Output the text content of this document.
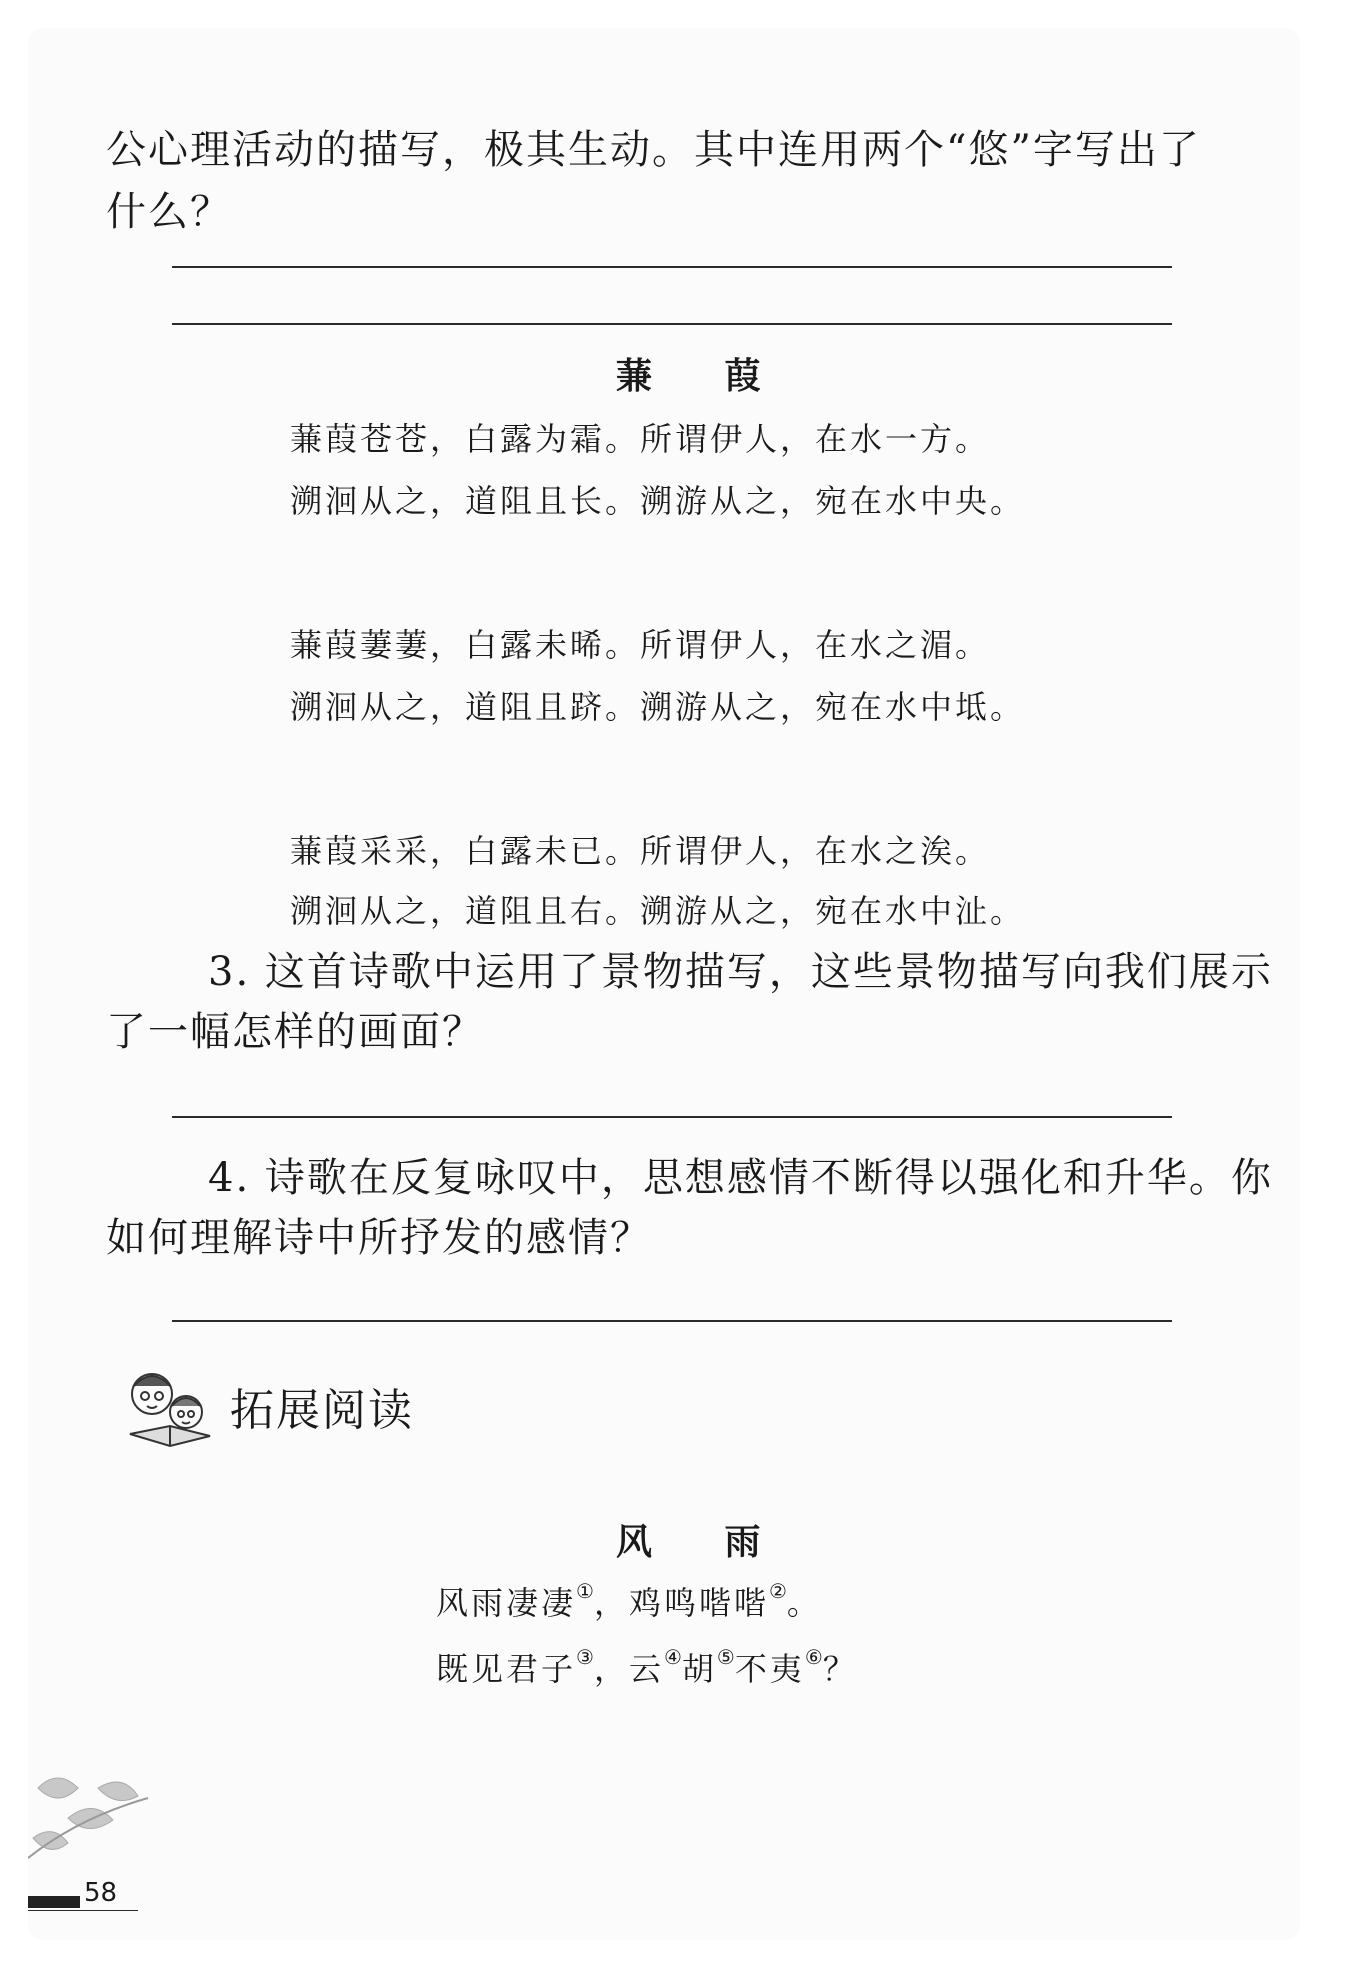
公心理活动的描写，极其生动。其中连用两个“悠”字写出了
什么？
蒹 葭
蒹葭苍苍，白露为霜。所谓伊人，在水一方。
溯洄从之，道阻且长。溯游从之，宛在水中央。
蒹葭萋萋，白露未晞。所谓伊人，在水之湄。
溯洄从之，道阻且跻。溯游从之，宛在水中坻。
蒹葭采采，白露未已。所谓伊人，在水之涘。
溯洄从之，道阻且右。溯游从之，宛在水中沚。
3. 这首诗歌中运用了景物描写，这些景物描写向我们展示
了一幅怎样的画面？
4. 诗歌在反复咏叹中，思想感情不断得以强化和升华。你
如何理解诗中所抒发的感情？
拓展阅读
风 雨
风雨凄凄①，鸡鸣喈喈②。
既见君子③，云④胡⑤不夷⑥？
58
